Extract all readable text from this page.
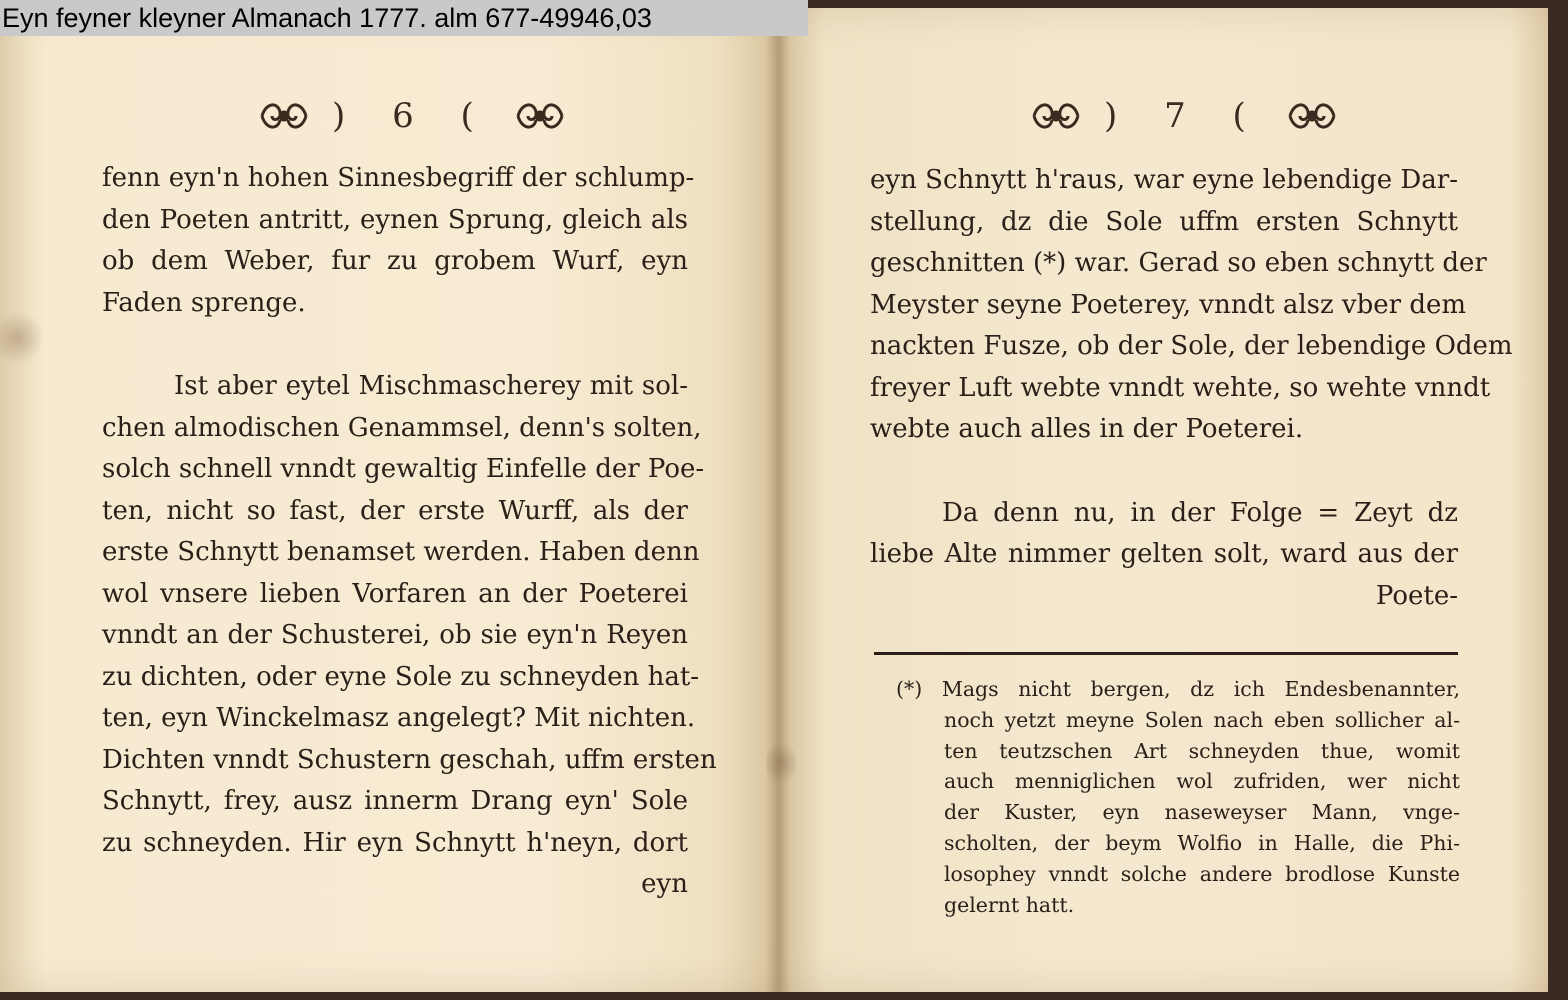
Eyn feyner kleyner Almanach 1777. alm 677-49946,03
) 6 (	) 7 (
fenn eyn'n hohen Sinnesbegriff der schlump‐
den Poeten antritt, eynen Sprung, gleich als
ob dem Weber, fur zu grobem Wurf, eyn
Faden sprenge.
Ist aber eytel Mischmascherey mit sol‐
chen almodischen Genammsel, denn's solten,
solch schnell vnndt gewaltig Einfelle der Poe‐
ten, nicht so fast, der erste Wurff, als der
erste Schnytt benamset werden. Haben denn
wol vnsere lieben Vorfaren an der Poeterei
vnndt an der Schusterei, ob sie eyn'n Reyen
zu dichten, oder eyne Sole zu schneyden hat‐
ten, eyn Winckelmasz angelegt? Mit nichten.
Dichten vnndt Schustern geschah, uffm ersten
Schnytt, frey, ausz innerm Drang eyn' Sole
zu schneyden. Hir eyn Schnytt h'neyn, dort
eyn
eyn Schnytt h'raus, war eyne lebendige Dar‐
stellung, dz die Sole uffm ersten Schnytt
geschnitten (*) war. Gerad so eben schnytt der
Meyster seyne Poeterey, vnndt alsz vber dem
nackten Fusze, ob der Sole, der lebendige Odem
freyer Luft webte vnndt wehte, so wehte vnndt
webte auch alles in der Poeterei.
Da denn nu, in der Folge = Zeyt dz
liebe Alte nimmer gelten solt, ward aus der
Poete‐
(*) Mags nicht bergen, dz ich Endesbenannter,
noch yetzt meyne Solen nach eben sollicher al‐
ten teutzschen Art schneyden thue, womit
auch menniglichen wol zufriden, wer nicht
der Kuster, eyn naseweyser Mann, vnge‐
scholten, der beym Wolfio in Halle, die Phi‐
losophey vnndt solche andere brodlose Kunste
gelernt hatt.
